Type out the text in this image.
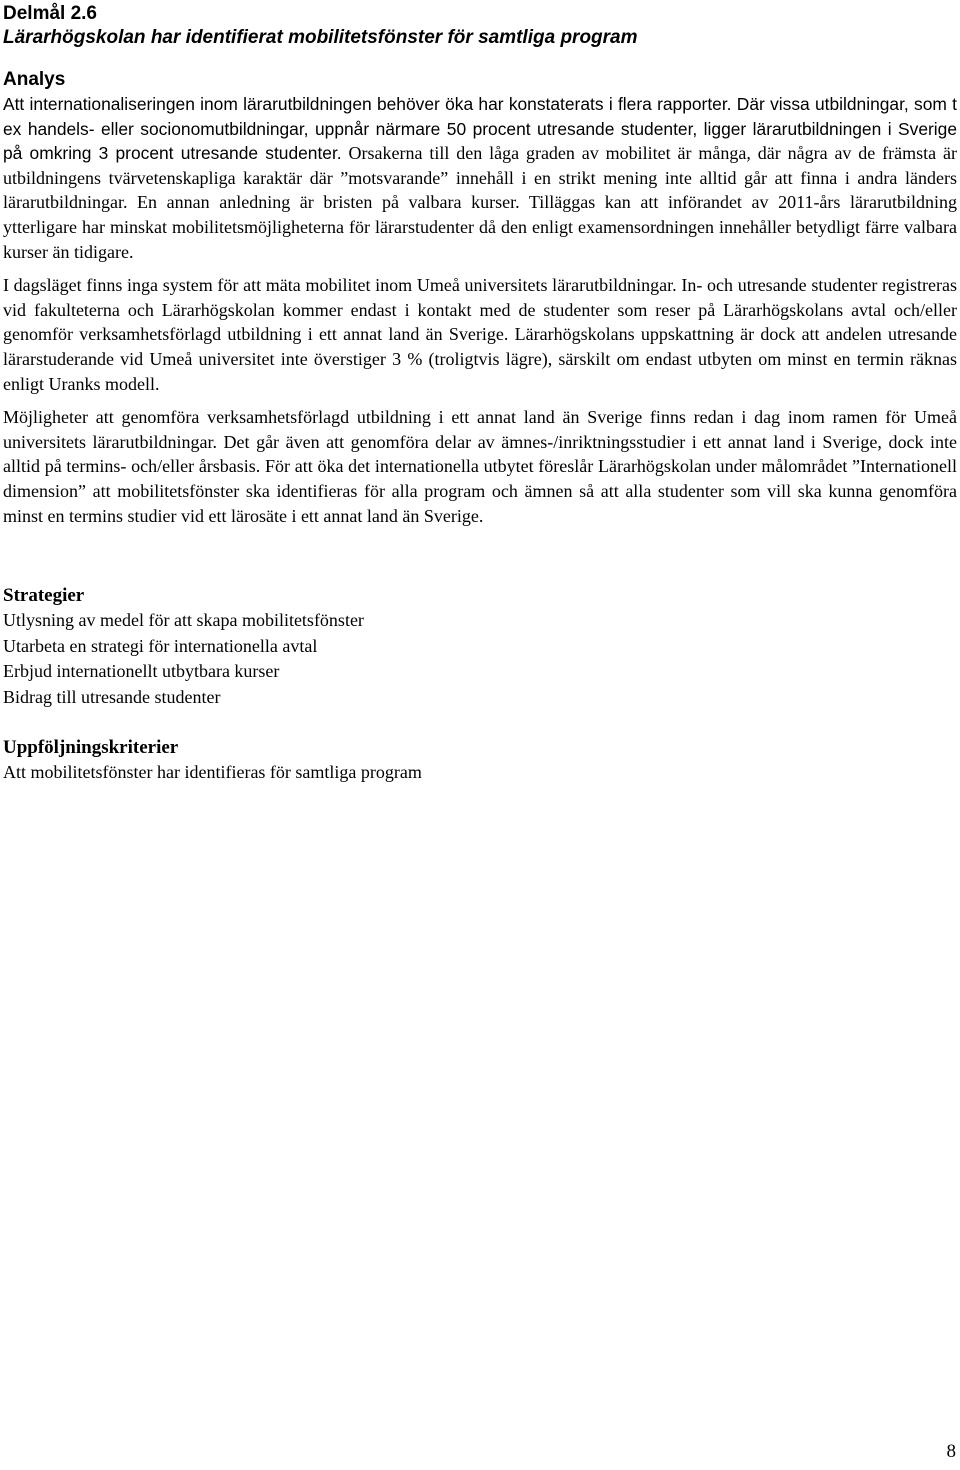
Delmål 2.6
Lärarhögskolan har identifierat mobilitetsfönster för samtliga program
Analys

Att internationaliseringen inom lärarutbildningen behöver öka har konstaterats i flera rapporter. Där vissa utbildningar, som t ex handels- eller socionomutbildningar, uppnår närmare 50 procent utresande studenter, ligger lärarutbildningen i Sverige på omkring 3 procent utresande studenter. Orsakerna till den låga graden av mobilitet är många, där några av de främsta är utbildningens tvärvetenskapliga karaktär där ”motsvarande” innehåll i en strikt mening inte alltid går att finna i andra länders lärarutbildningar. En annan anledning är bristen på valbara kurser. Tilläggas kan att införandet av 2011-års lärarutbildning ytterligare har minskat mobilitetsmöjligheterna för lärarstudenter då den enligt examensordningen innehåller betydligt färre valbara kurser än tidigare.

I dagsläget finns inga system för att mäta mobilitet inom Umeå universitets lärarutbildningar. In- och utresande studenter registreras vid fakulteterna och Lärarhögskolan kommer endast i kontakt med de studenter som reser på Lärarhögskolans avtal och/eller genomför verksamhetsförlagd utbildning i ett annat land än Sverige. Lärarhögskolans uppskattning är dock att andelen utresande lärarstuderande vid Umeå universitet inte överstiger 3 % (troligtvis lägre), särskilt om endast utbyten om minst en termin räknas enligt Uranks modell.

Möjligheter att genomföra verksamhetsförlagd utbildning i ett annat land än Sverige finns redan i dag inom ramen för Umeå universitets lärarutbildningar. Det går även att genomföra delar av ämnes-/inriktningsstudier i ett annat land i Sverige, dock inte alltid på termins- och/eller årsbasis. För att öka det internationella utbytet föreslår Lärarhögskolan under målområdet ”Internationell dimension” att mobilitetsfönster ska identifieras för alla program och ämnen så att alla studenter som vill ska kunna genomföra minst en termins studier vid ett lärosäte i ett annat land än Sverige.

Strategier
Utlysning av medel för att skapa mobilitetsfönster
Utarbeta en strategi för internationella avtal
Erbjud internationellt utbytbara kurser
Bidrag till utresande studenter
Uppföljningskriterier

Att mobilitetsfönster har identifieras för samtliga program

8
